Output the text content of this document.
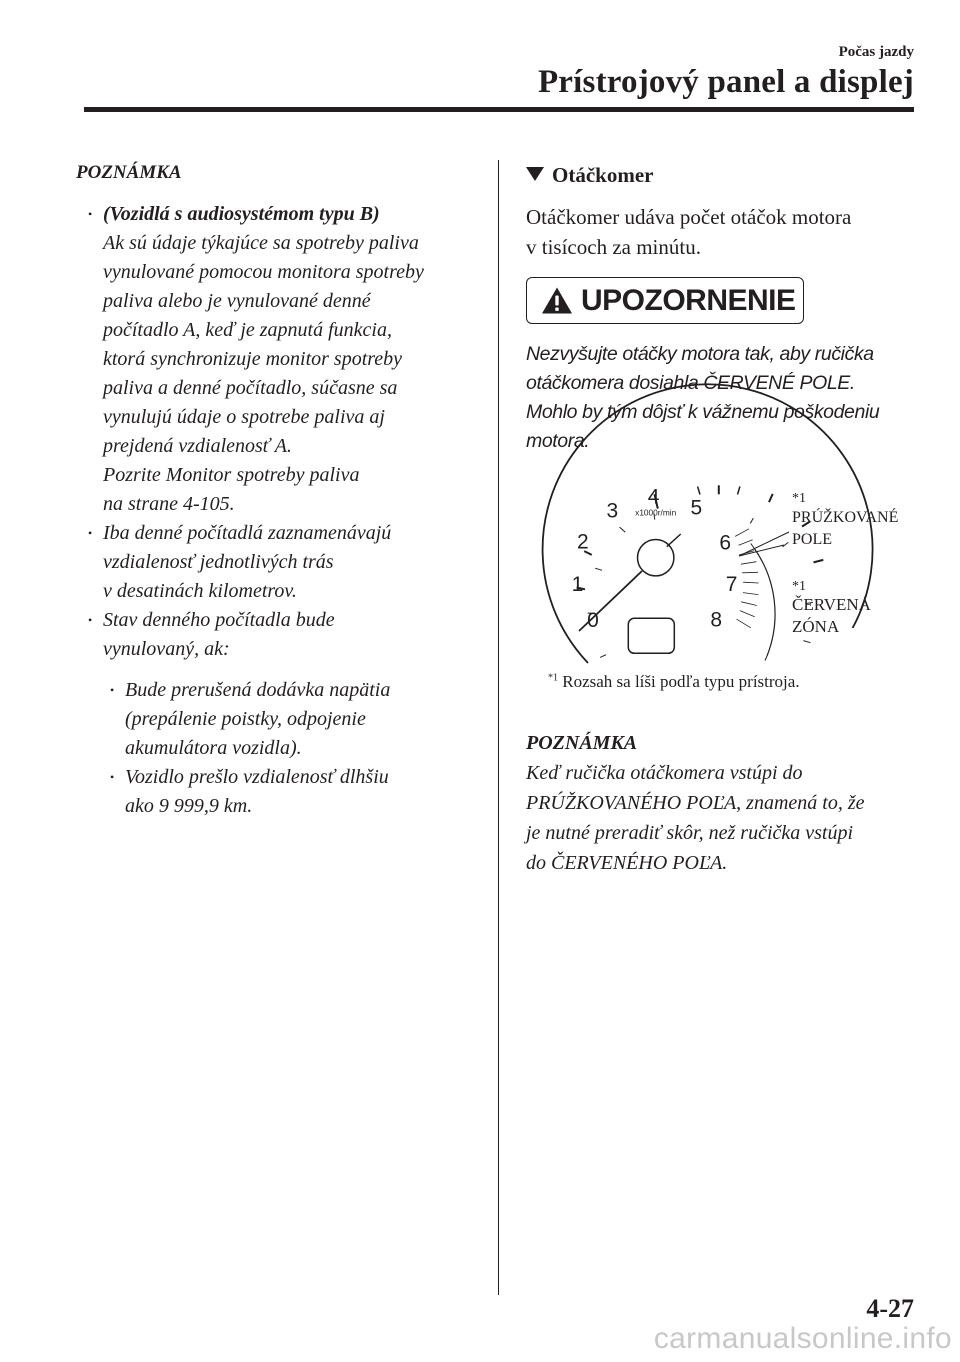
Počas jazdy
Prístrojový panel a displej
POZNÁMKA
• (Vozidlá s audiosystémom typu B)
Ak sú údaje týkajúce sa spotreby paliva
vynulované pomocou monitora spotreby
paliva alebo je vynulované denné
počítadlo A, keď je zapnutá funkcia,
ktorá synchronizuje monitor spotreby
paliva a denné počítadlo, súčasne sa
vynulujú údaje o spotrebe paliva aj
prejdená vzdialenosť A.
Pozrite Monitor spotreby paliva
na strane 4-105.
• Iba denné počítadlá zaznamenávajú
vzdialenosť jednotlivých trás
v desatinách kilometrov.
• Stav denného počítadla bude
vynulovaný, ak:
• Bude prerušená dodávka napätia
(prepálenie poistky, odpojenie
akumulátora vozidla).
• Vozidlo prešlo vzdialenosť dlhšiu
ako 9 999,9 km.
Otáčkomer
Otáčkomer udáva počet otáčok motora
v tisícoch za minútu.
UPOZORNENIE
Nezvyšujte otáčky motora tak, aby ručička
otáčkomera dosiahla ČERVENÉ POLE.
Mohlo by tým dôjsť k vážnemu poškodeniu
motora.
0
1
2
3
4 5
6
7
8
x1000r/min
*1
PRÚŽKOVANÉ
POLE
*1
ČERVENÁ
ZÓNA
$^{*1}$ Rozsah sa líši podľa typu prístroja.
POZNÁMKA
Keď ručička otáčkomera vstúpi do
PRÚŽKOVANÉHO POĽA, znamená to, že
je nutné preradiť skôr, než ručička vstúpi
do ČERVENÉHO POĽA.
4-27
carmanualsonline.info
